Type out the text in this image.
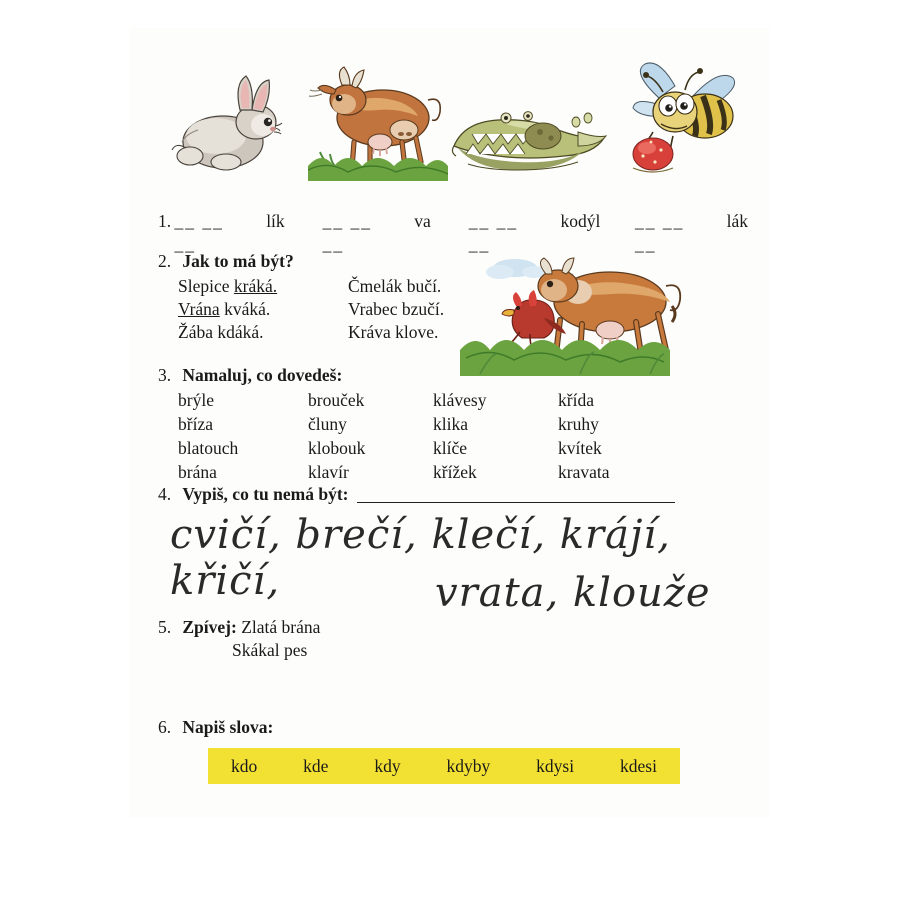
1. __ __ __
lík __ __ __
va __ __ __
kodýl __ __ __
lák
2. Jak to má být?
Slepice kráká.
Vrána kváká.
Žába kdáká.
Čmelák bučí.
Vrabec bzučí.
Kráva klove.
3. Namaluj, co dovedeš:
brýle	brouček	klávesy	křída
bříza	čluny	klika	kruhy
blatouch	klobouk	klíče	kvítek
brána	klavír	křížek	kravata
4. Vypiš, co tu nemá být:
cvičí, brečí, klečí, krájí, křičí,	vrata, klouže
5. Zpívej: Zlatá brána
Skákal pes
6. Napiš slova:
kdo	kde	kdy	kdyby	kdysi	kdesi
